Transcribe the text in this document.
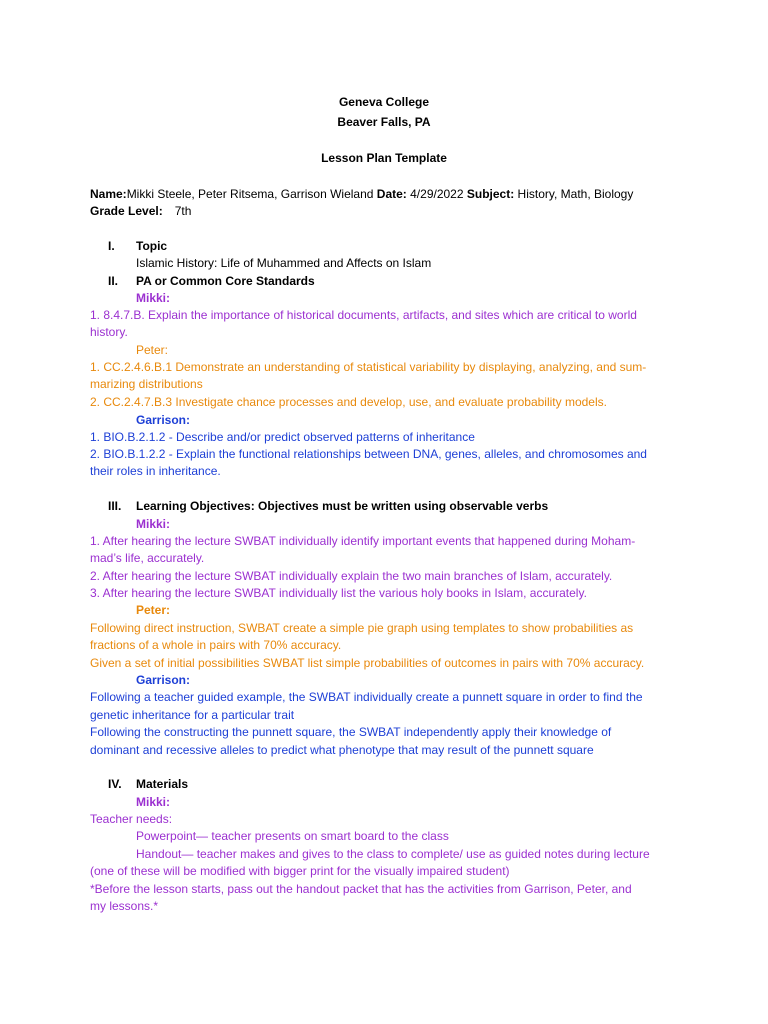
Geneva College
Beaver Falls, PA
Lesson Plan Template
Name:Mikki Steele, Peter Ritsema, Garrison Wieland Date: 4/29/2022 Subject: History, Math, Biology
Grade Level: 7th
I. Topic
Islamic History: Life of Muhammed and Affects on Islam
II. PA or Common Core Standards
Mikki:
1. 8.4.7.B. Explain the importance of historical documents, artifacts, and sites which are critical to world
history.
Peter:
1. CC.2.4.6.B.1 Demonstrate an understanding of statistical variability by displaying, analyzing, and sum-
marizing distributions
2. CC.2.4.7.B.3 Investigate chance processes and develop, use, and evaluate probability models.
Garrison:
1. BIO.B.2.1.2 - Describe and/or predict observed patterns of inheritance
2. BIO.B.1.2.2 - Explain the functional relationships between DNA, genes, alleles, and chromosomes and
their roles in inheritance.
III. Learning Objectives: Objectives must be written using observable verbs
Mikki:
1. After hearing the lecture SWBAT individually identify important events that happened during Moham-
mad’s life, accurately.
2. After hearing the lecture SWBAT individually explain the two main branches of Islam, accurately.
3. After hearing the lecture SWBAT individually list the various holy books in Islam, accurately.
Peter:
Following direct instruction, SWBAT create a simple pie graph using templates to show probabilities as
fractions of a whole in pairs with 70% accuracy.
Given a set of initial possibilities SWBAT list simple probabilities of outcomes in pairs with 70% accuracy.
Garrison:
Following a teacher guided example, the SWBAT individually create a punnett square in order to find the
genetic inheritance for a particular trait
Following the constructing the punnett square, the SWBAT independently apply their knowledge of
dominant and recessive alleles to predict what phenotype that may result of the punnett square
IV. Materials
Mikki:
Teacher needs:
Powerpoint— teacher presents on smart board to the class
Handout— teacher makes and gives to the class to complete/ use as guided notes during lecture
(one of these will be modified with bigger print for the visually impaired student)
*Before the lesson starts, pass out the handout packet that has the activities from Garrison, Peter, and
my lessons.*
